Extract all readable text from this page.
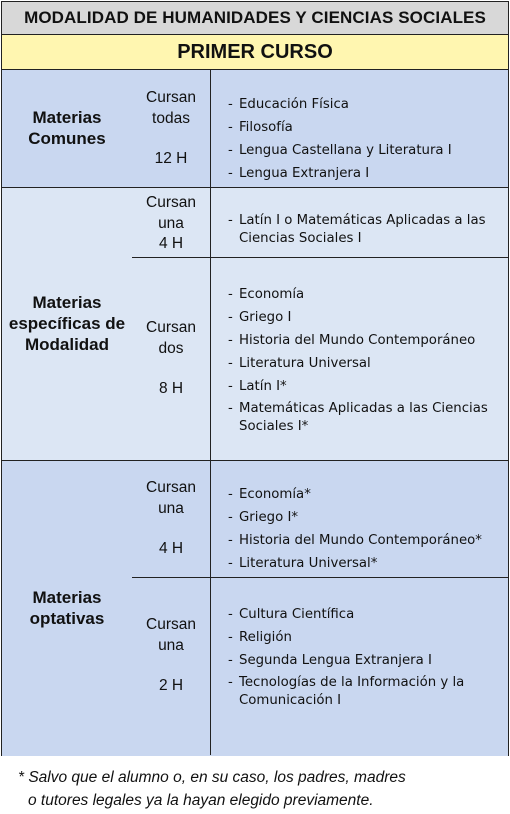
MODALIDAD DE HUMANIDADES Y CIENCIAS SOCIALES
PRIMER CURSO
Materias Comunes
Cursan
todas
12 H
- Educación Física
- Filosofía
- Lengua Castellana y Literatura I
- Lengua Extranjera I
Materias específicas de Modalidad
Cursan
una
4 H
- Latín I o Matemáticas Aplicadas a las Ciencias Sociales I
Cursan
dos
8 H
- Economía
- Griego I
- Historia del Mundo Contemporáneo
- Literatura Universal
- Latín I*
- Matemáticas Aplicadas a las Ciencias Sociales I*
Materias optativas
Cursan
una
4 H
- Economía*
- Griego I*
- Historia del Mundo Contemporáneo*
- Literatura Universal*
Cursan
una
2 H
- Cultura Científica
- Religión
- Segunda Lengua Extranjera I
- Tecnologías de la Información y la Comunicación I
* Salvo que el alumno o, en su caso, los padres, madres
o tutores legales ya la hayan elegido previamente.
